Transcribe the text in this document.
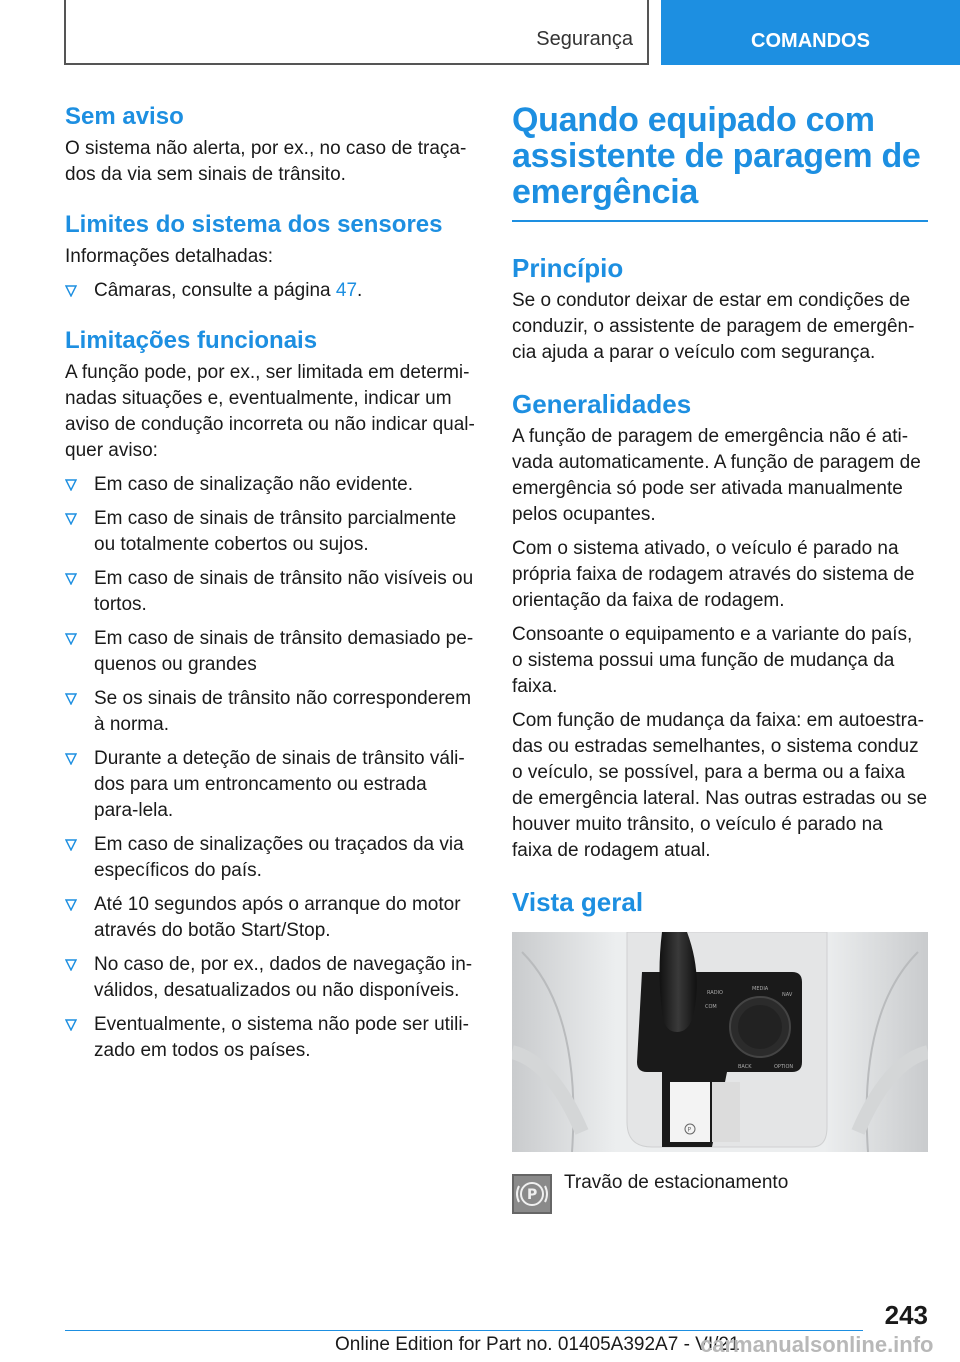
Segurança	COMANDOS
Sem aviso

O sistema não alerta, por ex., no caso de traça-dos da via sem sinais de trânsito.

Limites do sistema dos sensores

Informações detalhadas:

Câmaras, consulte a página 47.
Limitações funcionais

A função pode, por ex., ser limitada em determi-nadas situações e, eventualmente, indicar um aviso de condução incorreta ou não indicar qual-quer aviso:

Em caso de sinalização não evidente.
Em caso de sinais de trânsito parcialmente ou totalmente cobertos ou sujos.
Em caso de sinais de trânsito não visíveis ou tortos.
Em caso de sinais de trânsito demasiado pe-quenos ou grandes
Se os sinais de trânsito não corresponderem à norma.
Durante a deteção de sinais de trânsito váli-dos para um entroncamento ou estrada para-lela.
Em caso de sinalizações ou traçados da via específicos do país.
Até 10 segundos após o arranque do motor através do botão Start/Stop.
No caso de, por ex., dados de navegação in-válidos, desatualizados ou não disponíveis.
Eventualmente, o sistema não pode ser utili-zado em todos os países.
Quando equipado com assistente de paragem de emergência
Princípio

Se o condutor deixar de estar em condições de conduzir, o assistente de paragem de emergên-cia ajuda a parar o veículo com segurança.

Generalidades

A função de paragem de emergência não é ati-vada automaticamente. A função de paragem de emergência só pode ser ativada manualmente pelos ocupantes.

Com o sistema ativado, o veículo é parado na própria faixa de rodagem através do sistema de orientação da faixa de rodagem.

Consoante o equipamento e a variante do país, o sistema possui uma função de mudança da faixa.

Com função de mudança da faixa: em autoestra-das ou estradas semelhantes, o sistema conduz o veículo, se possível, para a berma ou a faixa de emergência lateral. Nas outras estradas ou se houver muito trânsito, o veículo é parado na faixa de rodagem atual.

Vista geral
RADIO
MEDIA
COM
NAV
BACK	OPTION
P
P
Travão de estacionamento
243
Online Edition for Part no. 01405A392A7 - VI/21
carmanualsonline.info
